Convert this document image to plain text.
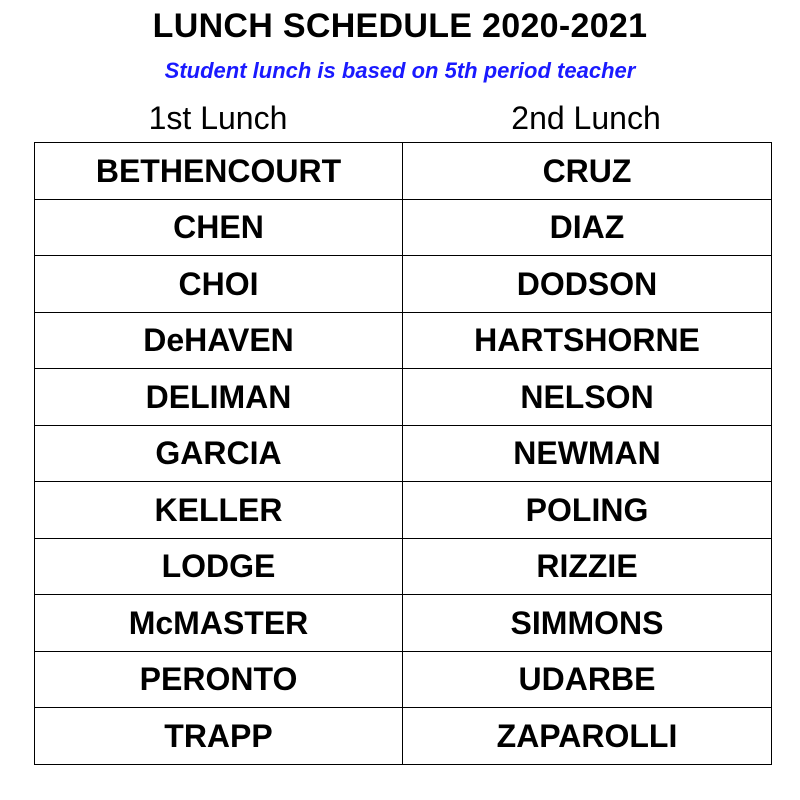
LUNCH SCHEDULE 2020-2021
Student lunch is based on 5th period teacher
1st Lunch	2nd Lunch
BETHENCOURT	CRUZ
CHEN	DIAZ
CHOI	DODSON
DeHAVEN	HARTSHORNE
DELIMAN	NELSON
GARCIA	NEWMAN
KELLER	POLING
LODGE	RIZZIE
McMASTER	SIMMONS
PERONTO	UDARBE
TRAPP	ZAPAROLLI
